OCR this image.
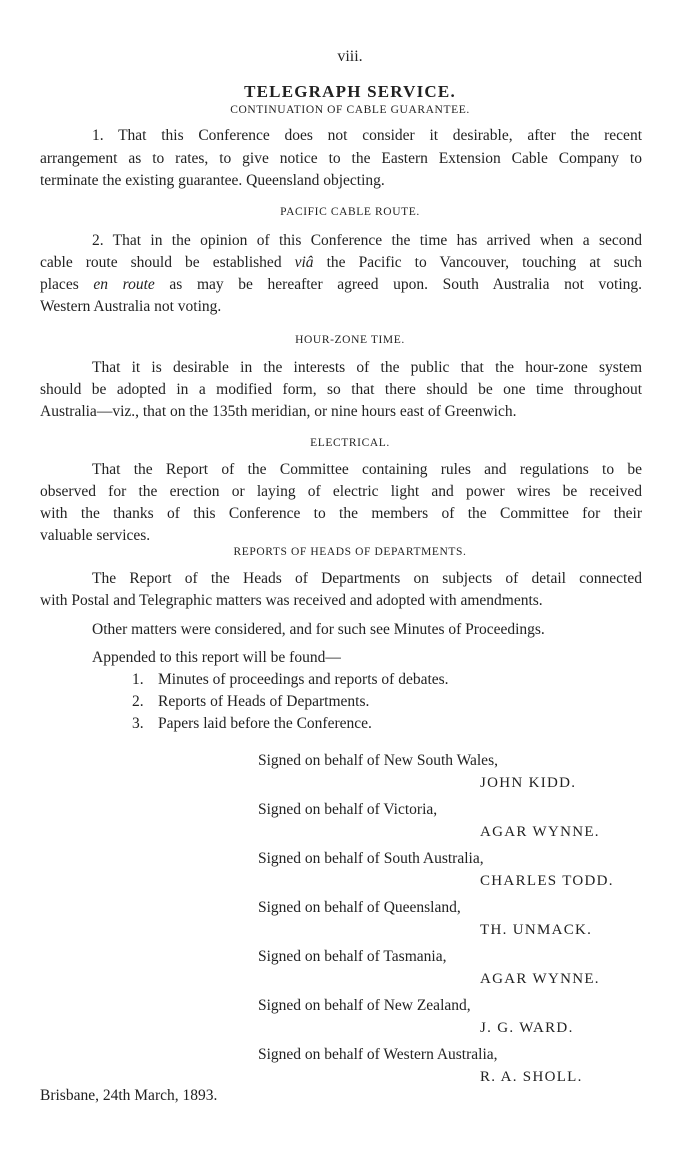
viii.
TELEGRAPH SERVICE.
CONTINUATION OF CABLE GUARANTEE.
1. That this Conference does not consider it desirable, after the recent
arrangement as to rates, to give notice to the Eastern Extension Cable Company to
terminate the existing guarantee. Queensland objecting.
PACIFIC CABLE ROUTE.
2. That in the opinion of this Conference the time has arrived when a second
cable route should be established viâ the Pacific to Vancouver, touching at such
places en route as may be hereafter agreed upon. South Australia not voting.
Western Australia not voting.
HOUR-ZONE TIME.
That it is desirable in the interests of the public that the hour-zone system
should be adopted in a modified form, so that there should be one time throughout
Australia—viz., that on the 135th meridian, or nine hours east of Greenwich.
ELECTRICAL.
That the Report of the Committee containing rules and regulations to be
observed for the erection or laying of electric light and power wires be received
with the thanks of this Conference to the members of the Committee for their
valuable services.
REPORTS OF HEADS OF DEPARTMENTS.
The Report of the Heads of Departments on subjects of detail connected
with Postal and Telegraphic matters was received and adopted with amendments.
Other matters were considered, and for such see Minutes of Proceedings.
Appended to this report will be found—
1. Minutes of proceedings and reports of debates.
2. Reports of Heads of Departments.
3. Papers laid before the Conference.
Signed on behalf of New South Wales,
JOHN KIDD.
Signed on behalf of Victoria,
AGAR WYNNE.
Signed on behalf of South Australia,
CHARLES TODD.
Signed on behalf of Queensland,
TH. UNMACK.
Signed on behalf of Tasmania,
AGAR WYNNE.
Signed on behalf of New Zealand,
J. G. WARD.
Signed on behalf of Western Australia,
R. A. SHOLL.
Brisbane, 24th March, 1893.
